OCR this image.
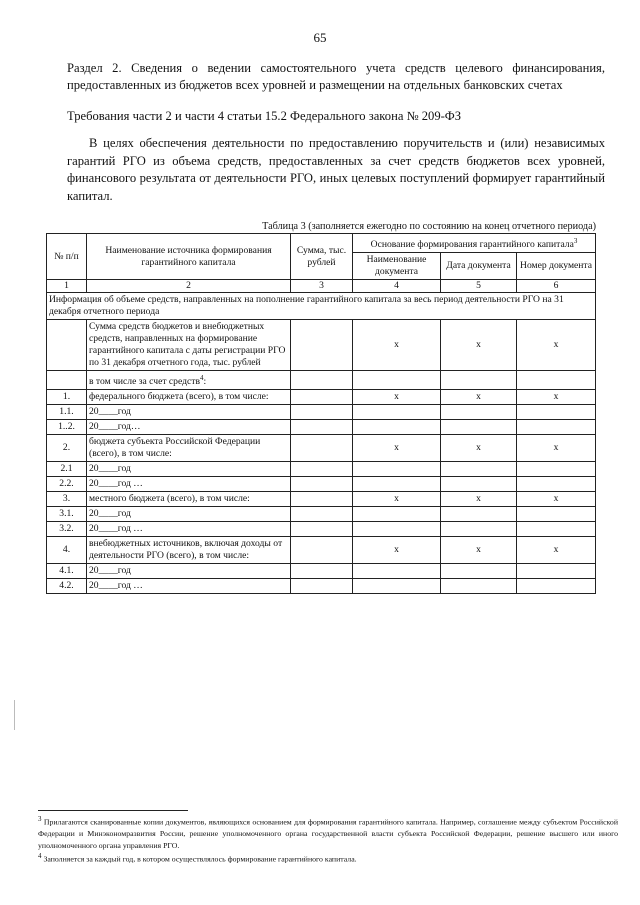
65
Раздел 2. Сведения о ведении самостоятельного учета средств целевого финансирования, предоставленных из бюджетов всех уровней и размещении на отдельных банковских счетах
Требования части 2 и части 4 статьи 15.2 Федерального закона № 209-ФЗ
В целях обеспечения деятельности по предоставлению поручительств и (или) независимых гарантий РГО из объема средств, предоставленных за счет средств бюджетов всех уровней, финансового результата от деятельности РГО, иных целевых поступлений формирует гарантийный капитал.
Таблица 3 (заполняется ежегодно по состоянию на конец отчетного периода)
№ п/п	Наименование источника формирования гарантийного капитала	Сумма, тыс. рублей	Основание формирования гарантийного капитала$^3$
			Наименование документа	Дата документа	Номер документа
1	2	3	4	5	6
Информация об объеме средств, направленных на пополнение гарантийного капитала за весь период деятельности РГО на 31 декабря отчетного периода					
	Сумма средств бюджетов и внебюджетных средств, направленных на формирование гарантийного капитала с даты регистрации РГО по 31 декабря отчетного года, тыс. рублей		x	x	x
	в том числе за счет средств$^4$:				
1.	федерального бюджета (всего), в том числе:		x	x	x
1.1.	20____год				
1..2.	20____год…				
2.	бюджета субъекта Российской Федерации (всего), в том числе:		x	x	x
2.1	20____год				
2.2.	20____год …				
3.	местного бюджета (всего), в том числе:		x	x	x
3.1.	20____год				
3.2.	20____год …				
4.	внебюджетных источников, включая доходы от деятельности РГО (всего), в том числе:		x	x	x
4.1.	20____год				
4.2.	20____год …				
$^3$ Прилагаются сканированные копии документов, являющихся основанием для формирования гарантийного капитала. Например, соглашение между субъектом Российской Федерации и Минэкономразвития России, решение уполномоченного органа государственной власти субъекта Российской Федерации, решение высшего или иного уполномоченного органа управления РГО.
$^4$ Заполняется за каждый год, в котором осуществлялось формирование гарантийного капитала.
